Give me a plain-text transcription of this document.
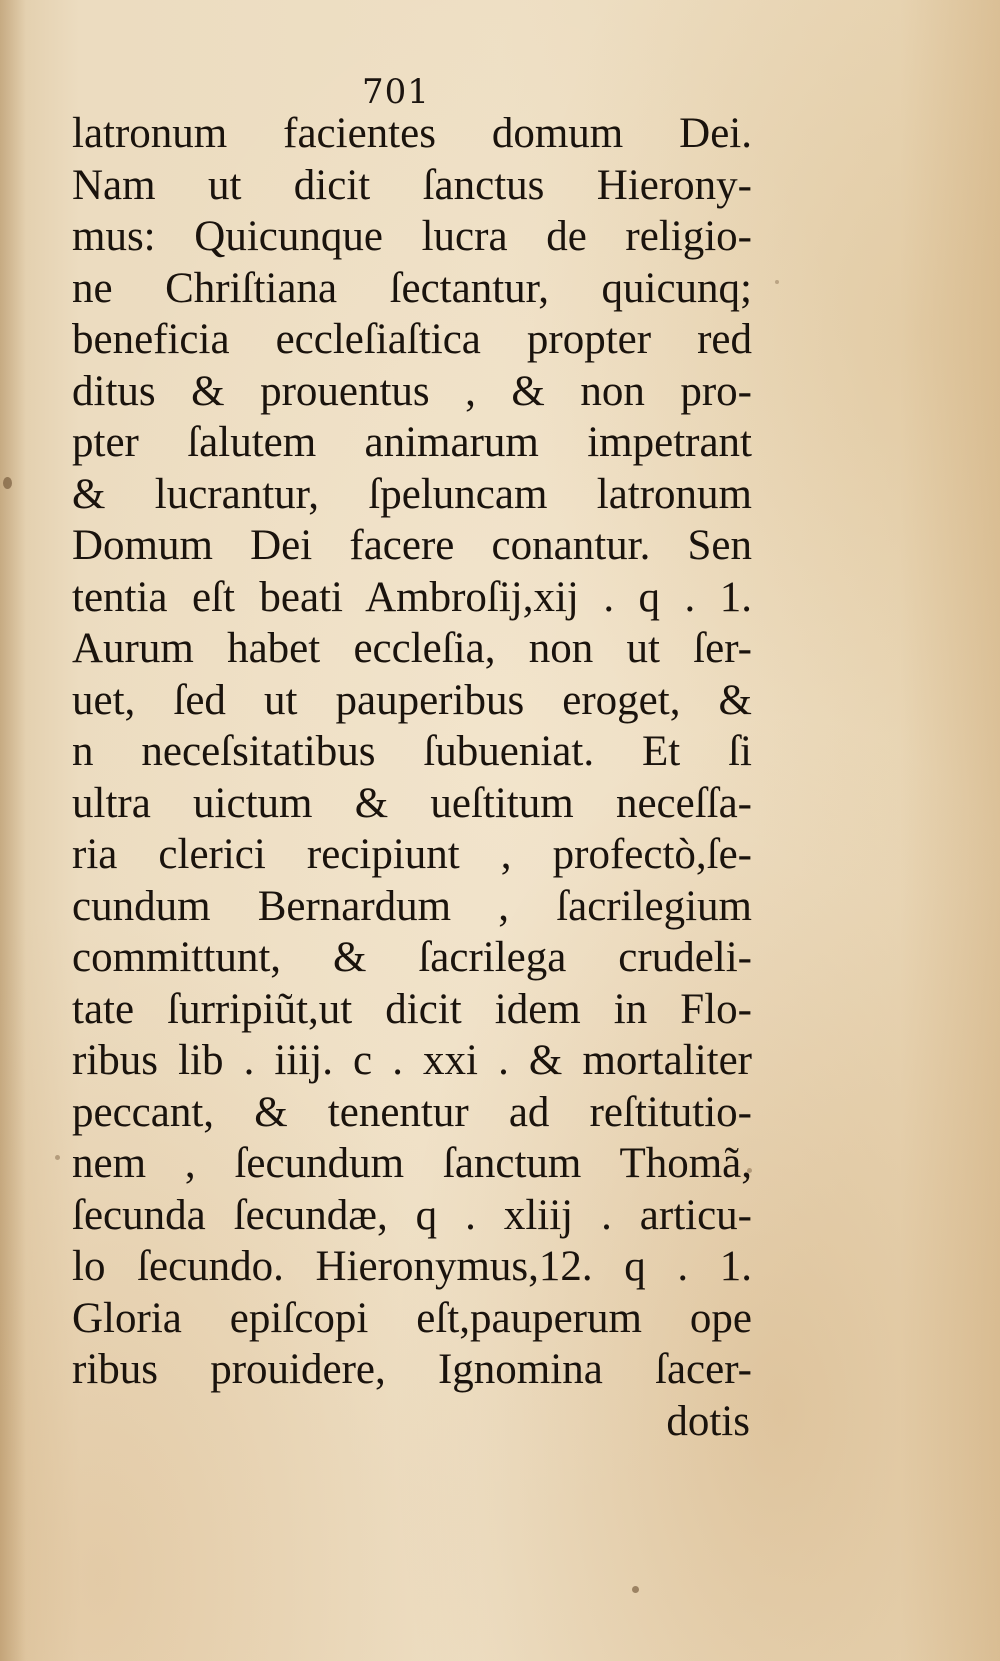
701
latronum facientes domum Dei.
Nam ut dicit ſanctus Hierony-
mus: Quicunque lucra de religio-
ne Chriſtiana ſectantur, quicunq;
beneficia eccleſiaſtica propter red
ditus & prouentus , & non pro-
pter ſalutem animarum impetrant
& lucrantur, ſpeluncam latronum
Domum Dei facere conantur. Sen
tentia eſt beati Ambroſij,xij . q . 1.
Aurum habet eccleſia, non ut ſer-
uet, ſed ut pauperibus eroget, &
n neceſsitatibus ſubueniat. Et ſi
ultra uictum & ueſtitum neceſſa-
ria clerici recipiunt , profectò,ſe-
cundum Bernardum , ſacrilegium
committunt, & ſacrilega crudeli-
tate ſurripiũt,ut dicit idem in Flo-
ribus lib . iiij. c . xxi . & mortaliter
peccant, & tenentur ad reſtitutio-
nem , ſecundum ſanctum Thomã,
ſecunda ſecundæ, q . xliij . articu-
lo ſecundo. Hieronymus,12. q . 1.
Gloria epiſcopi eſt,pauperum ope
ribus prouidere, Ignomina ſacer-
dotis
